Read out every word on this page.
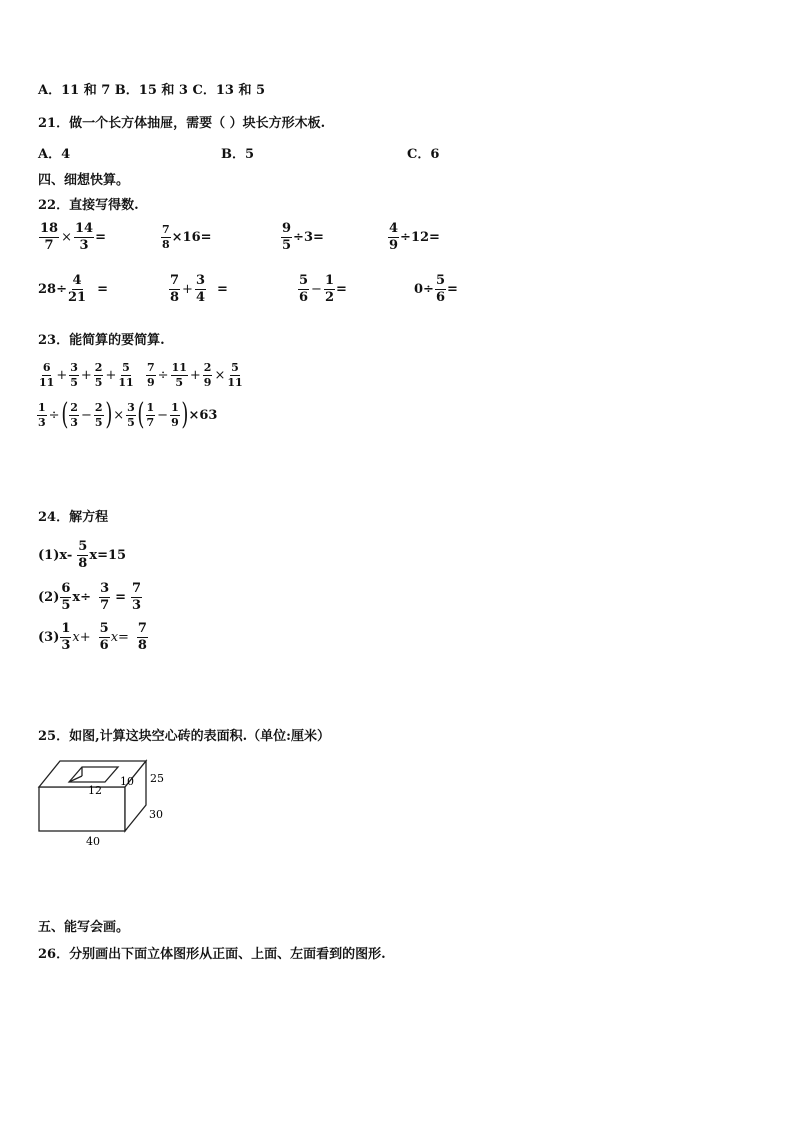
A．11 和 7 B．15 和 3 C．13 和 5
21．做一个长方体抽屉，需要（ ）块长方形木板.
A．4	B．5	C．6
四、细想快算。
22．直接写得数.
$\frac{18}{7} \times \frac{14}{3}$ =	$\frac{7}{8} \times 16=$	$\frac{9}{5} \div 3=$	$\frac{4}{9} \div 12=$
$28\div \frac{4}{21}$ =	$\frac{7}{8} + \frac{3}{4}$ =	$\frac{5}{6} - \frac{1}{2}$ =	$0\div \frac{5}{6}$ =
23．能简算的要简算.
$\frac{6}{11} + \frac{3}{5} + \frac{2}{5} + \frac{5}{11} \frac{7}{9} \div \frac{11}{5} + \frac{2}{9} \times \frac{5}{11}$
$\frac{1}{3}$ ÷ ( $\frac{2}{3} - \frac{2}{5}$ ) × $\frac{3}{5}$ ( $\frac{1}{7} - \frac{1}{9}$ ) ×63
24．解方程
$(1)x- \frac{5}{8} x=15$
$(2) \frac{6}{5} x\div \frac{3}{7} = \frac{7}{3}$
$(3) \frac{1}{3} x+ \frac{5}{6} x= \frac{7}{8}$
25．如图,计算这块空心砖的表面积.（单位:厘米）
12
10 25
30
40
五、能写会画。
26．分别画出下面立体图形从正面、上面、左面看到的图形.
